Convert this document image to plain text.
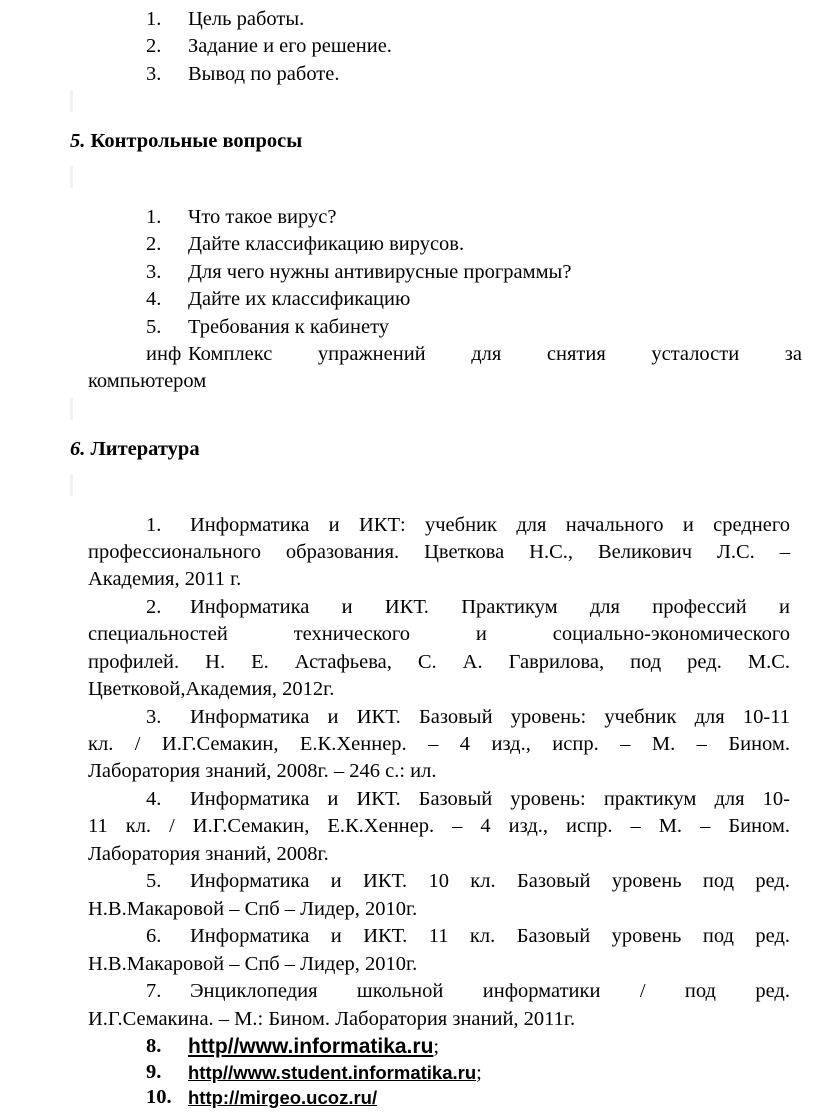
1. Цель работы.
2. Задание и его решение.
3. Вывод по работе.
5. Контрольные вопросы
1. Что такое вирус?
2. Дайте классификацию вирусов.
3. Для чего нужны антивирусные программы?
4. Дайте их классификацию
5. Требования к кабинету
инф Комплекс упражнений для снятия усталости за
компьютером
6. Литература
1. Информатика и ИКТ: учебник для начального и среднего
профессионального образования. Цветкова Н.С., Великович Л.С. –
Академия, 2011 г.
2. Информатика и ИКТ. Практикум для профессий и
специальностей технического и социально-экономического
профилей. Н. Е. Астафьева, С. А. Гаврилова, под ред. М.С.
Цветковой,Академия, 2012г.
3. Информатика и ИКТ. Базовый уровень: учебник для 10-11
кл. / И.Г.Семакин, Е.К.Хеннер. – 4 изд., испр. – М. – Бином.
Лаборатория знаний, 2008г. – 246 с.: ил.
4. Информатика и ИКТ. Базовый уровень: практикум для 10-
11 кл. / И.Г.Семакин, Е.К.Хеннер. – 4 изд., испр. – М. – Бином.
Лаборатория знаний, 2008г.
5. Информатика и ИКТ. 10 кл. Базовый уровень под ред.
Н.В.Макаровой – Спб – Лидер, 2010г.
6. Информатика и ИКТ. 11 кл. Базовый уровень под ред.
Н.В.Макаровой – Спб – Лидер, 2010г.
7. Энциклопедия школьной информатики / под ред.
И.Г.Семакина. – М.: Бином. Лаборатория знаний, 2011г.
8. http//www.informatika.ru;
9. http//www.student.informatika.ru;
10. http://mirgeo.ucoz.ru/
